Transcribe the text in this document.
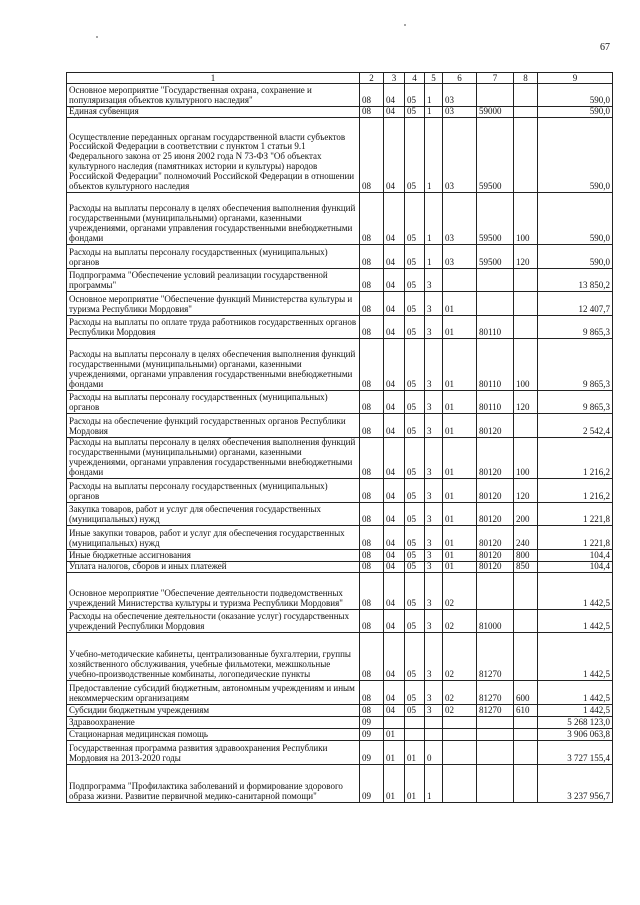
67
1	2	3	4	5	6	7	8	9
Основное мероприятие "Государственная охрана, сохранение и популяризация объектов культурного наследия"	08	04	05	1	03			590,0
Единая субвенция	08	04	05	1	03	59000		590,0
Осуществление переданных органам государственной власти субъектов Российской Федерации в соответствии с пунктом 1 статьи 9.1 Федерального закона от 25 июня 2002 года N 73-ФЗ "Об объектах культурного наследия (памятниках истории и культуры) народов Российской Федерации" полномочий Российской Федерации в отношении объектов культурного наследия	08	04	05	1	03	59500		590,0
Расходы на выплаты персоналу в целях обеспечения выполнения функций государственными (муниципальными) органами, казенными учреждениями, органами управления государственными внебюджетными фондами	08	04	05	1	03	59500	100	590,0
Расходы на выплаты персоналу государственных (муниципальных) органов	08	04	05	1	03	59500	120	590,0
Подпрограмма "Обеспечение условий реализации государственной программы"	08	04	05	3				13 850,2
Основное мероприятие "Обеспечение функций Министерства культуры и туризма Республики Мордовия"	08	04	05	3	01			12 407,7
Расходы на выплаты по оплате труда работников государственных органов Республики Мордовия	08	04	05	3	01	80110		9 865,3
Расходы на выплаты персоналу в целях обеспечения выполнения функций государственными (муниципальными) органами, казенными учреждениями, органами управления государственными внебюджетными фондами	08	04	05	3	01	80110	100	9 865,3
Расходы на выплаты персоналу государственных (муниципальных) органов	08	04	05	3	01	80110	120	9 865,3
Расходы на обеспечение функций государственных органов Республики Мордовия	08	04	05	3	01	80120		2 542,4
Расходы на выплаты персоналу в целях обеспечения выполнения функций государственными (муниципальными) органами, казенными учреждениями, органами управления государственными внебюджетными фондами	08	04	05	3	01	80120	100	1 216,2
Расходы на выплаты персоналу государственных (муниципальных) органов	08	04	05	3	01	80120	120	1 216,2
Закупка товаров, работ и услуг для обеспечения государственных (муниципальных) нужд	08	04	05	3	01	80120	200	1 221,8
Иные закупки товаров, работ и услуг для обеспечения государственных (муниципальных) нужд	08	04	05	3	01	80120	240	1 221,8
Иные бюджетные ассигнования	08	04	05	3	01	80120	800	104,4
Уплата налогов, сборов и иных платежей	08	04	05	3	01	80120	850	104,4
Основное мероприятие "Обеспечение деятельности подведомственных учреждений Министерства культуры и туризма Республики Мордовия"	08	04	05	3	02			1 442,5
Расходы на обеспечение деятельности (оказание услуг) государственных учреждений Республики Мордовия	08	04	05	3	02	81000		1 442,5
Учебно-методические кабинеты, централизованные бухгалтерии, группы хозяйственного обслуживания, учебные фильмотеки, межшкольные учебно-производственные комбинаты, логопедические пункты	08	04	05	3	02	81270		1 442,5
Предоставление субсидий бюджетным, автономным учреждениям и иным некоммерческим организациям	08	04	05	3	02	81270	600	1 442,5
Субсидии бюджетным учреждениям	08	04	05	3	02	81270	610	1 442,5
Здравоохранение	09							5 268 123,0
Стационарная медицинская помощь	09	01						3 906 063,8
Государственная программа развития здравоохранения Республики Мордовия на 2013-2020 годы	09	01	01	0				3 727 155,4
Подпрограмма "Профилактика заболеваний и формирование здорового образа жизни. Развитие первичной медико-санитарной помощи"	09	01	01	1				3 237 956,7
